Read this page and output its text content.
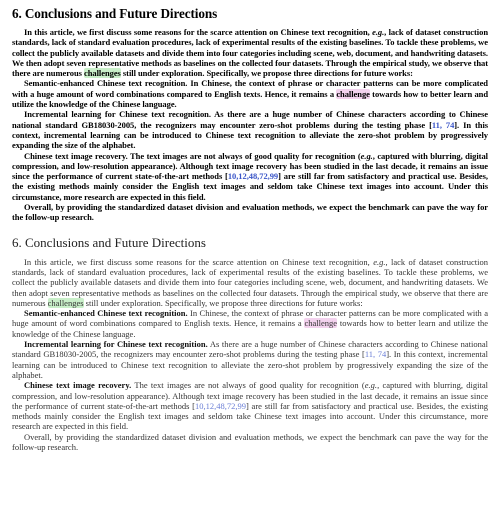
6. Conclusions and Future Directions

In this article, we first discuss some reasons for the scarce attention on Chinese text recognition, e.g., lack of dataset construction standards, lack of standard evaluation procedures, lack of experimental results of the existing baselines. To tackle these problems, we collect the publicly available datasets and divide them into four categories including scene, web, document, and handwriting datasets. We then adopt seven representative methods as baselines on the collected four datasets. Through the empirical study, we observe that there are numerous challenges still under exploration. Specifically, we propose three directions for future works:

Semantic-enhanced Chinese text recognition. In Chinese, the context of phrase or character patterns can be more complicated with a huge amount of word combinations compared to English texts. Hence, it remains a challenge towards how to better learn and utilize the knowledge of the Chinese language.

Incremental learning for Chinese text recognition. As there are a huge number of Chinese characters according to Chinese national standard GB18030-2005, the recognizers may encounter zero-shot problems during the testing phase [11, 74]. In this context, incremental learning can be introduced to Chinese text recognition to alleviate the zero-shot problem by progressively expanding the size of the alphabet.

Chinese text image recovery. The text images are not always of good quality for recognition (e.g., captured with blurring, digital compression, and low-resolution appearance). Although text image recovery has been studied in the last decade, it remains an issue since the performance of current state-of-the-art methods [10,12,48,72,99] are still far from satisfactory and practical use. Besides, the existing methods mainly consider the English text images and seldom take Chinese text images into account. Under this circumstance, more research are expected in this field.

Overall, by providing the standardized dataset division and evaluation methods, we expect the benchmark can pave the way for the follow-up research.

6. Conclusions and Future Directions

In this article, we first discuss some reasons for the scarce attention on Chinese text recognition, e.g., lack of dataset construction standards, lack of standard evaluation procedures, lack of experimental results of the existing baselines. To tackle these problems, we collect the publicly available datasets and divide them into four categories including scene, web, document, and handwriting datasets. We then adopt seven representative methods as baselines on the collected four datasets. Through the empirical study, we observe that there are numerous challenges still under exploration. Specifically, we propose three directions for future works:

Semantic-enhanced Chinese text recognition. In Chinese, the context of phrase or character patterns can be more complicated with a huge amount of word combinations compared to English texts. Hence, it remains a challenge towards how to better learn and utilize the knowledge of the Chinese language.

Incremental learning for Chinese text recognition. As there are a huge number of Chinese characters according to Chinese national standard GB18030-2005, the recognizers may encounter zero-shot problems during the testing phase [11, 74]. In this context, incremental learning can be introduced to Chinese text recognition to alleviate the zero-shot problem by progressively expanding the size of the alphabet.

Chinese text image recovery. The text images are not always of good quality for recognition (e.g., captured with blurring, digital compression, and low-resolution appearance). Although text image recovery has been studied in the last decade, it remains an issue since the performance of current state-of-the-art methods [10,12,48,72,99] are still far from satisfactory and practical use. Besides, the existing methods mainly consider the English text images and seldom take Chinese text images into account. Under this circumstance, more research are expected in this field.

Overall, by providing the standardized dataset division and evaluation methods, we expect the benchmark can pave the way for the follow-up research.
